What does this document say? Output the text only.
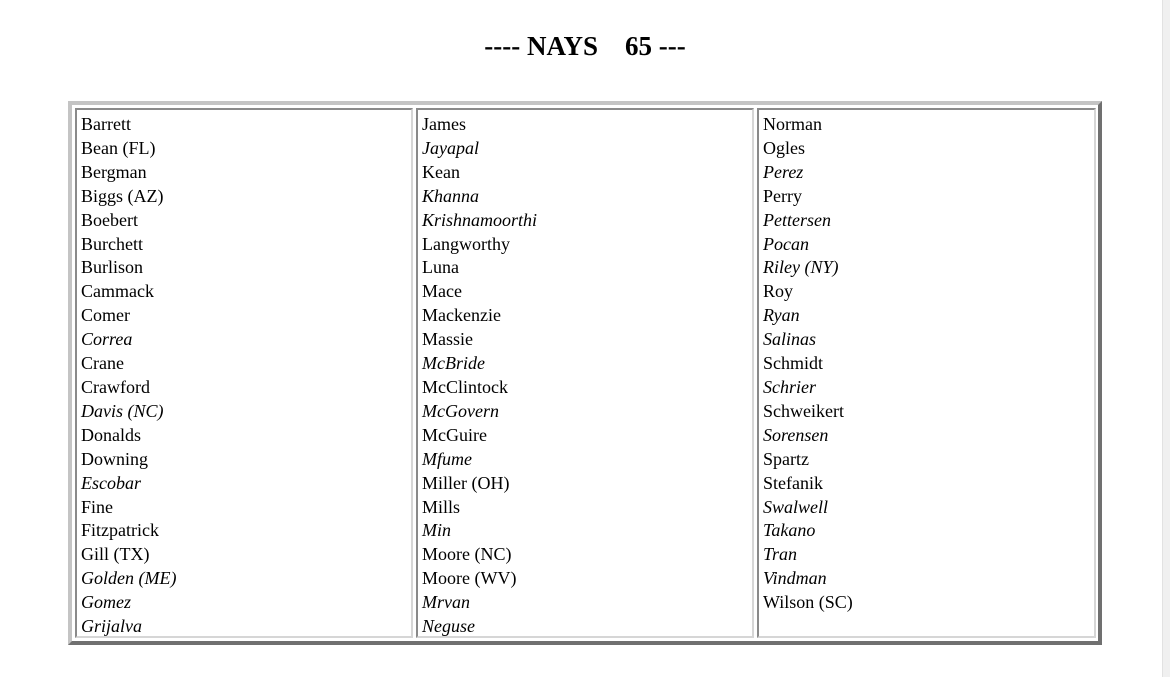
---- NAYS    65 ---
Barrett
Bean (FL)
Bergman
Biggs (AZ)
Boebert
Burchett
Burlison
Cammack
Comer
Correa
Crane
Crawford
Davis (NC)
Donalds
Downing
Escobar
Fine
Fitzpatrick
Gill (TX)
Golden (ME)
Gomez
Grijalva
James
Jayapal
Kean
Khanna
Krishnamoorthi
Langworthy
Luna
Mace
Mackenzie
Massie
McBride
McClintock
McGovern
McGuire
Mfume
Miller (OH)
Mills
Min
Moore (NC)
Moore (WV)
Mrvan
Neguse
Norman
Ogles
Perez
Perry
Pettersen
Pocan
Riley (NY)
Roy
Ryan
Salinas
Schmidt
Schrier
Schweikert
Sorensen
Spartz
Stefanik
Swalwell
Takano
Tran
Vindman
Wilson (SC)
